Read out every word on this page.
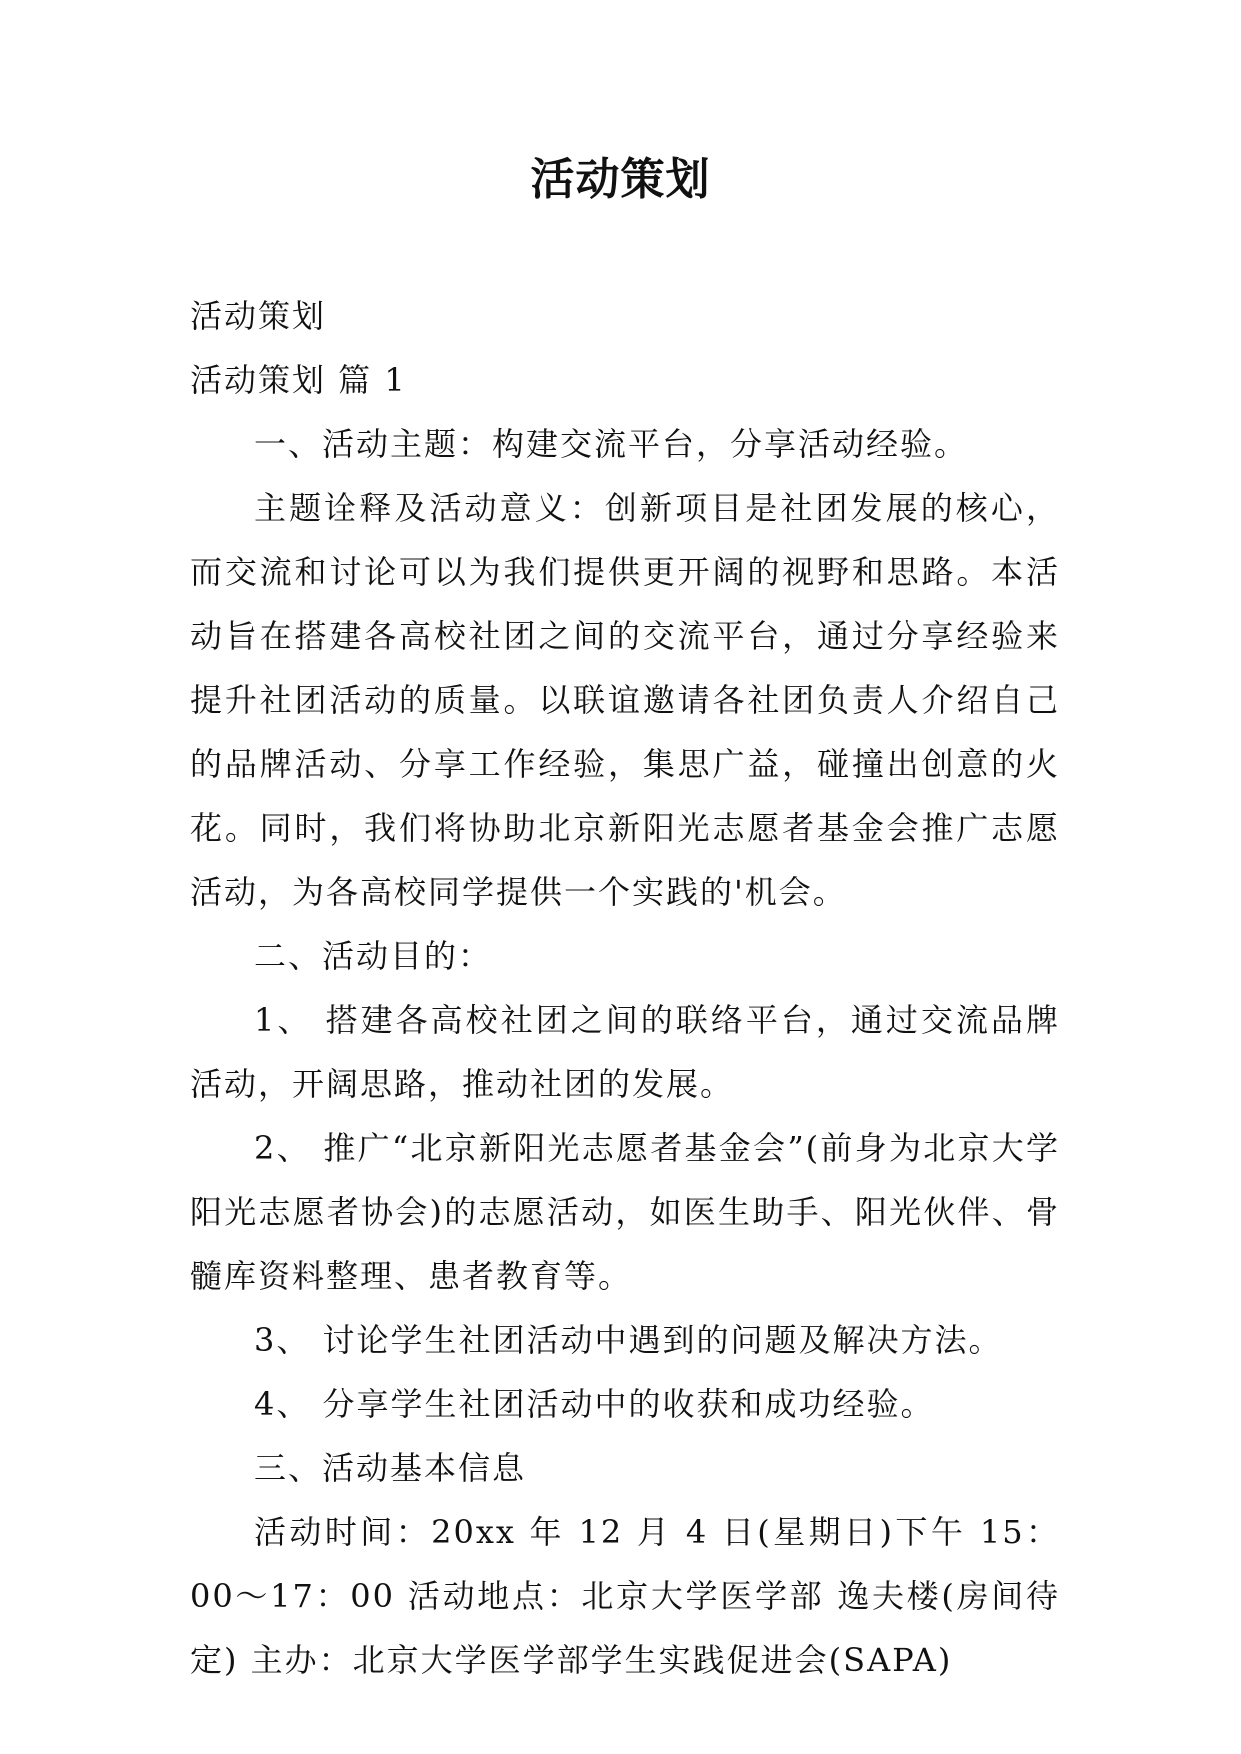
活动策划

活动策划

活动策划 篇 1

一、活动主题：构建交流平台，分享活动经验。

主题诠释及活动意义：创新项目是社团发展的核心，而交流和讨论可以为我们提供更开阔的视野和思路。本活动旨在搭建各高校社团之间的交流平台，通过分享经验来提升社团活动的质量。以联谊邀请各社团负责人介绍自己的品牌活动、分享工作经验，集思广益，碰撞出创意的火花。同时，我们将协助北京新阳光志愿者基金会推广志愿活动，为各高校同学提供一个实践的'机会。

二、活动目的：

1、 搭建各高校社团之间的联络平台，通过交流品牌活动，开阔思路，推动社团的发展。

2、 推广“北京新阳光志愿者基金会”(前身为北京大学阳光志愿者协会)的志愿活动，如医生助手、阳光伙伴、骨髓库资料整理、患者教育等。

3、 讨论学生社团活动中遇到的问题及解决方法。

4、 分享学生社团活动中的收获和成功经验。

三、活动基本信息

活动时间：20xx 年 12 月 4 日(星期日)下午 15：00～17：00 活动地点：北京大学医学部 逸夫楼(房间待定) 主办：北京大学医学部学生实践促进会(SAPA)
